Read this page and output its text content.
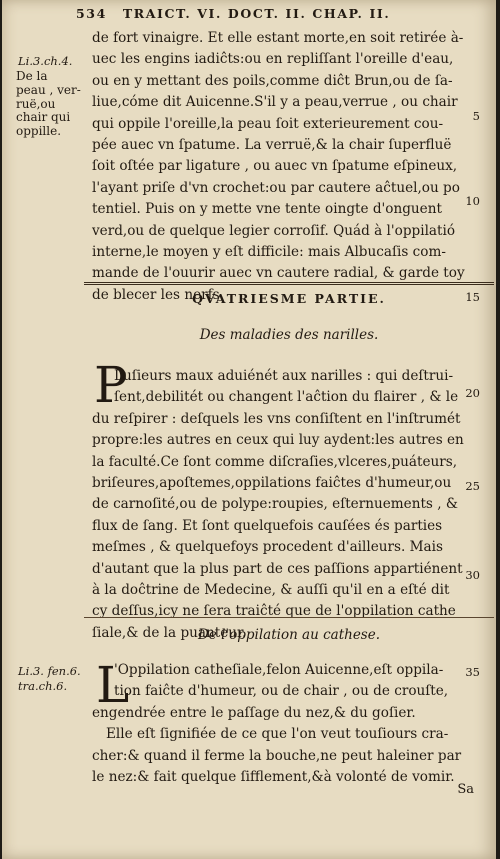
534 TRAICT. VI. DOCT. II. CHAP. II.
Li.3.ch.4.
De la
peau , ver-
ruë,ou
chair qui
oppille.
5
10
15
20
25
30
35
de fort vinaigre. Et elle estant morte,en soit retirée à-
uec les engins iadiĉts:ou en repliſſant l'oreille d'eau,
ou en y mettant des poils,comme diĉt Brun,ou de ſa-
liue,cóme dit Auicenne.S'il y a peau,verrue , ou chair
qui oppile l'oreille,la peau ſoit exterieurement cou-
pée auec vn ſpatume. La verruë,& la chair ſuperfluë
ſoit oſtée par ligature , ou auec vn ſpatume eſpineux,
l'ayant priſe d'vn crochet:ou par cautere aĉtuel,ou po
tentiel. Puis on y mette vne tente oingte d'onguent
verd,ou de quelque legier corroſif. Quád à l'oppilatió
interne,le moyen y eſt difficile: mais Albucaſis com-
mande de l'ouurir auec vn cautere radial, & garde toy
de blecer les nerfs.
QVATRIESME PARTIE.
Des maladies des narilles.
P
Luſieurs maux aduiénét aux narilles : qui deſtrui-
ſent,debilitét ou changent l'aĉtion du flairer , & le
du reſpirer : deſquels les vns conſiſtent en l'inſtrumét
propre:les autres en ceux qui luy aydent:les autres en
la faculté.Ce ſont comme diſcraſies,vlceres,puáteurs,
briſeures,apoſtemes,oppilations faiĉtes d'humeur,ou
de carnoſité,ou de polype:roupies, eſternuements , &
flux de ſang. Et ſont quelquefois cauſées és parties
meſmes , & quelquefoys procedent d'ailleurs. Mais
d'autant que la plus part de ces paſſions appartiénent
à la doĉtrine de Medecine, & auſſi qu'il en a eſté dit
cy deſſus,icy ne ſera traiĉté que de l'oppilation cathe
ſiale,& de la puanteur.
De l'oppilation au cathese.
Li.3. fen.6.
tra.ch.6. L
'Oppilation catheſiale,felon Auicenne,eſt oppila-
tion faiĉte d'humeur, ou de chair , ou de crouſte,
engendrée entre le paſſage du nez,& du goſier.
Elle eſt ſignifiée de ce que l'on veut touſiours cra-
cher:& quand il ferme la bouche,ne peut haleiner par
le nez:& fait quelque ſifflement,&à volonté de vomir.
Sa
